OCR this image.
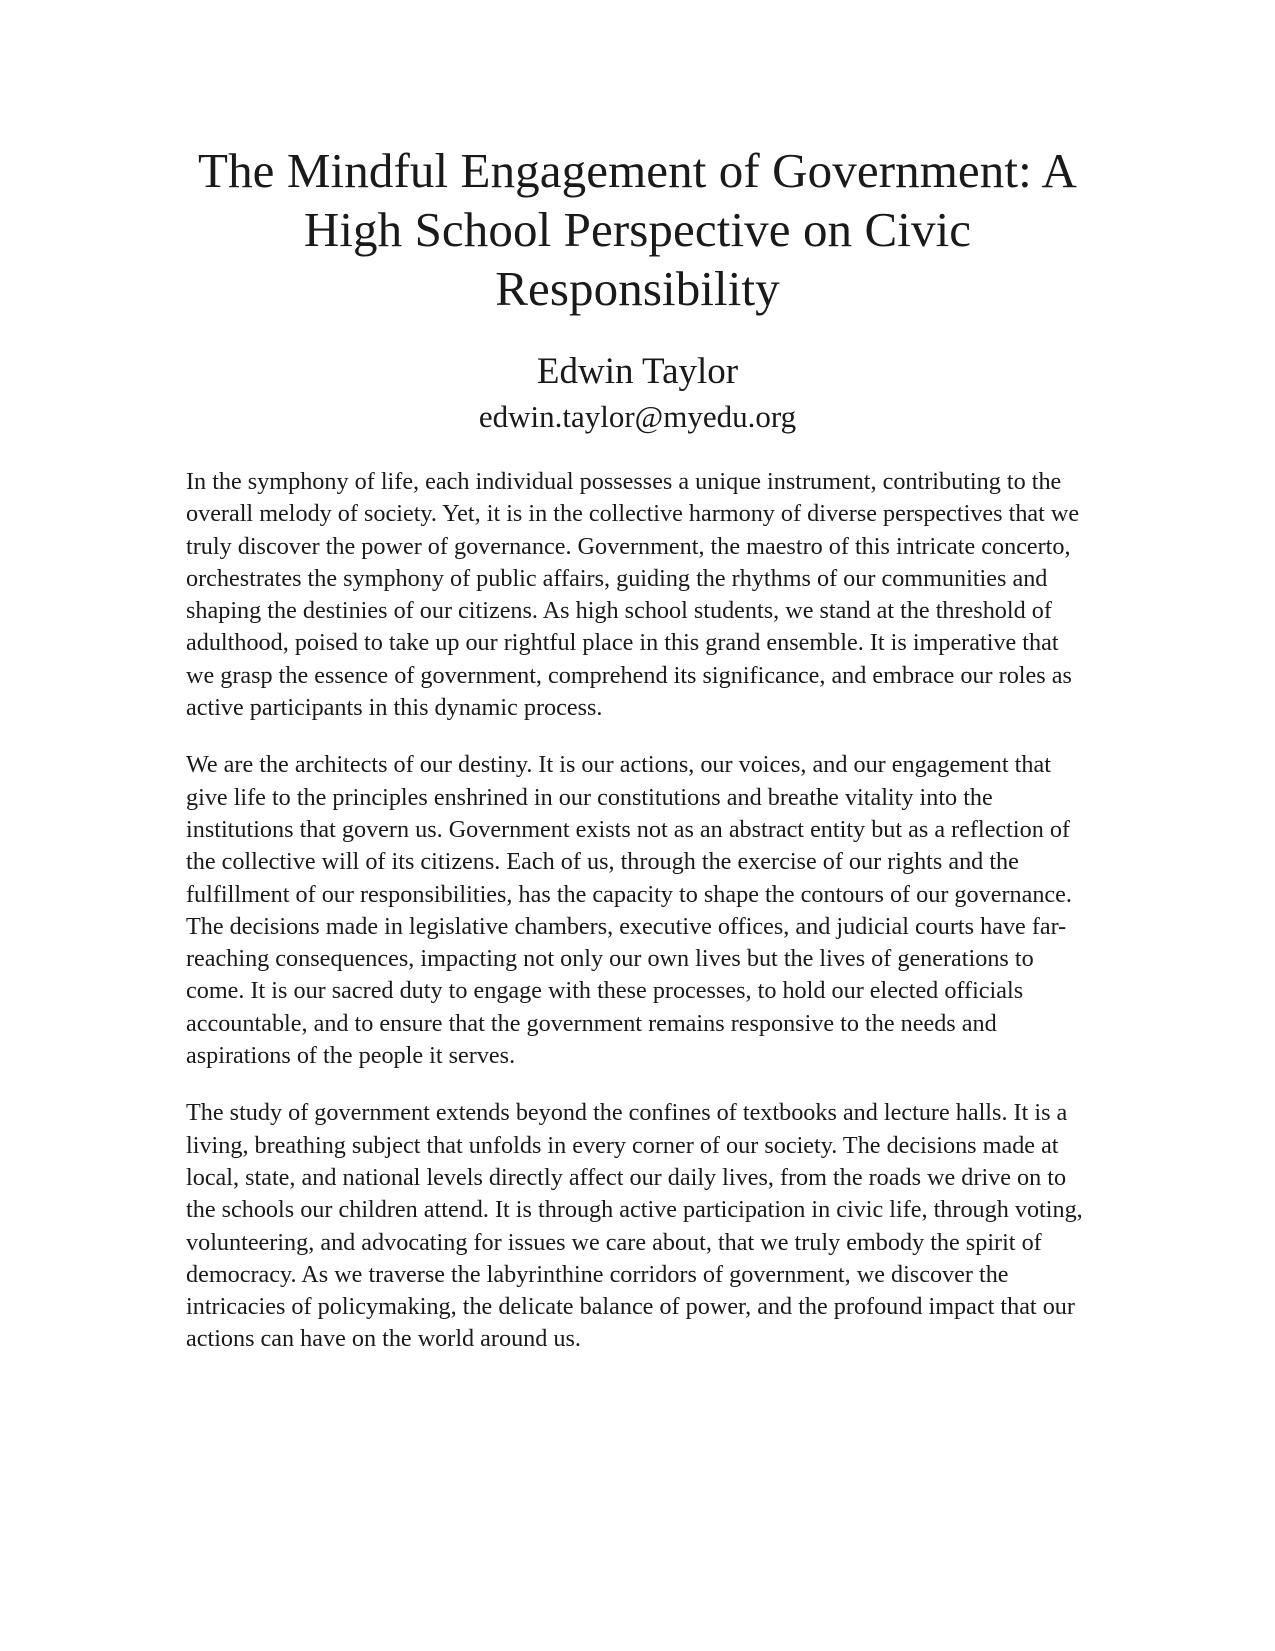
The Mindful Engagement of Government: A High School Perspective on Civic Responsibility
Edwin Taylor
edwin.taylor@myedu.org

In the symphony of life, each individual possesses a unique instrument, contributing to the overall melody of society. Yet, it is in the collective harmony of diverse perspectives that we truly discover the power of governance. Government, the maestro of this intricate concerto, orchestrates the symphony of public affairs, guiding the rhythms of our communities and shaping the destinies of our citizens. As high school students, we stand at the threshold of adulthood, poised to take up our rightful place in this grand ensemble. It is imperative that we grasp the essence of government, comprehend its significance, and embrace our roles as active participants in this dynamic process.

We are the architects of our destiny. It is our actions, our voices, and our engagement that give life to the principles enshrined in our constitutions and breathe vitality into the institutions that govern us. Government exists not as an abstract entity but as a reflection of the collective will of its citizens. Each of us, through the exercise of our rights and the fulfillment of our responsibilities, has the capacity to shape the contours of our governance. The decisions made in legislative chambers, executive offices, and judicial courts have far-reaching consequences, impacting not only our own lives but the lives of generations to come. It is our sacred duty to engage with these processes, to hold our elected officials accountable, and to ensure that the government remains responsive to the needs and aspirations of the people it serves.

The study of government extends beyond the confines of textbooks and lecture halls. It is a living, breathing subject that unfolds in every corner of our society. The decisions made at local, state, and national levels directly affect our daily lives, from the roads we drive on to the schools our children attend. It is through active participation in civic life, through voting, volunteering, and advocating for issues we care about, that we truly embody the spirit of democracy. As we traverse the labyrinthine corridors of government, we discover the intricacies of policymaking, the delicate balance of power, and the profound impact that our actions can have on the world around us.
